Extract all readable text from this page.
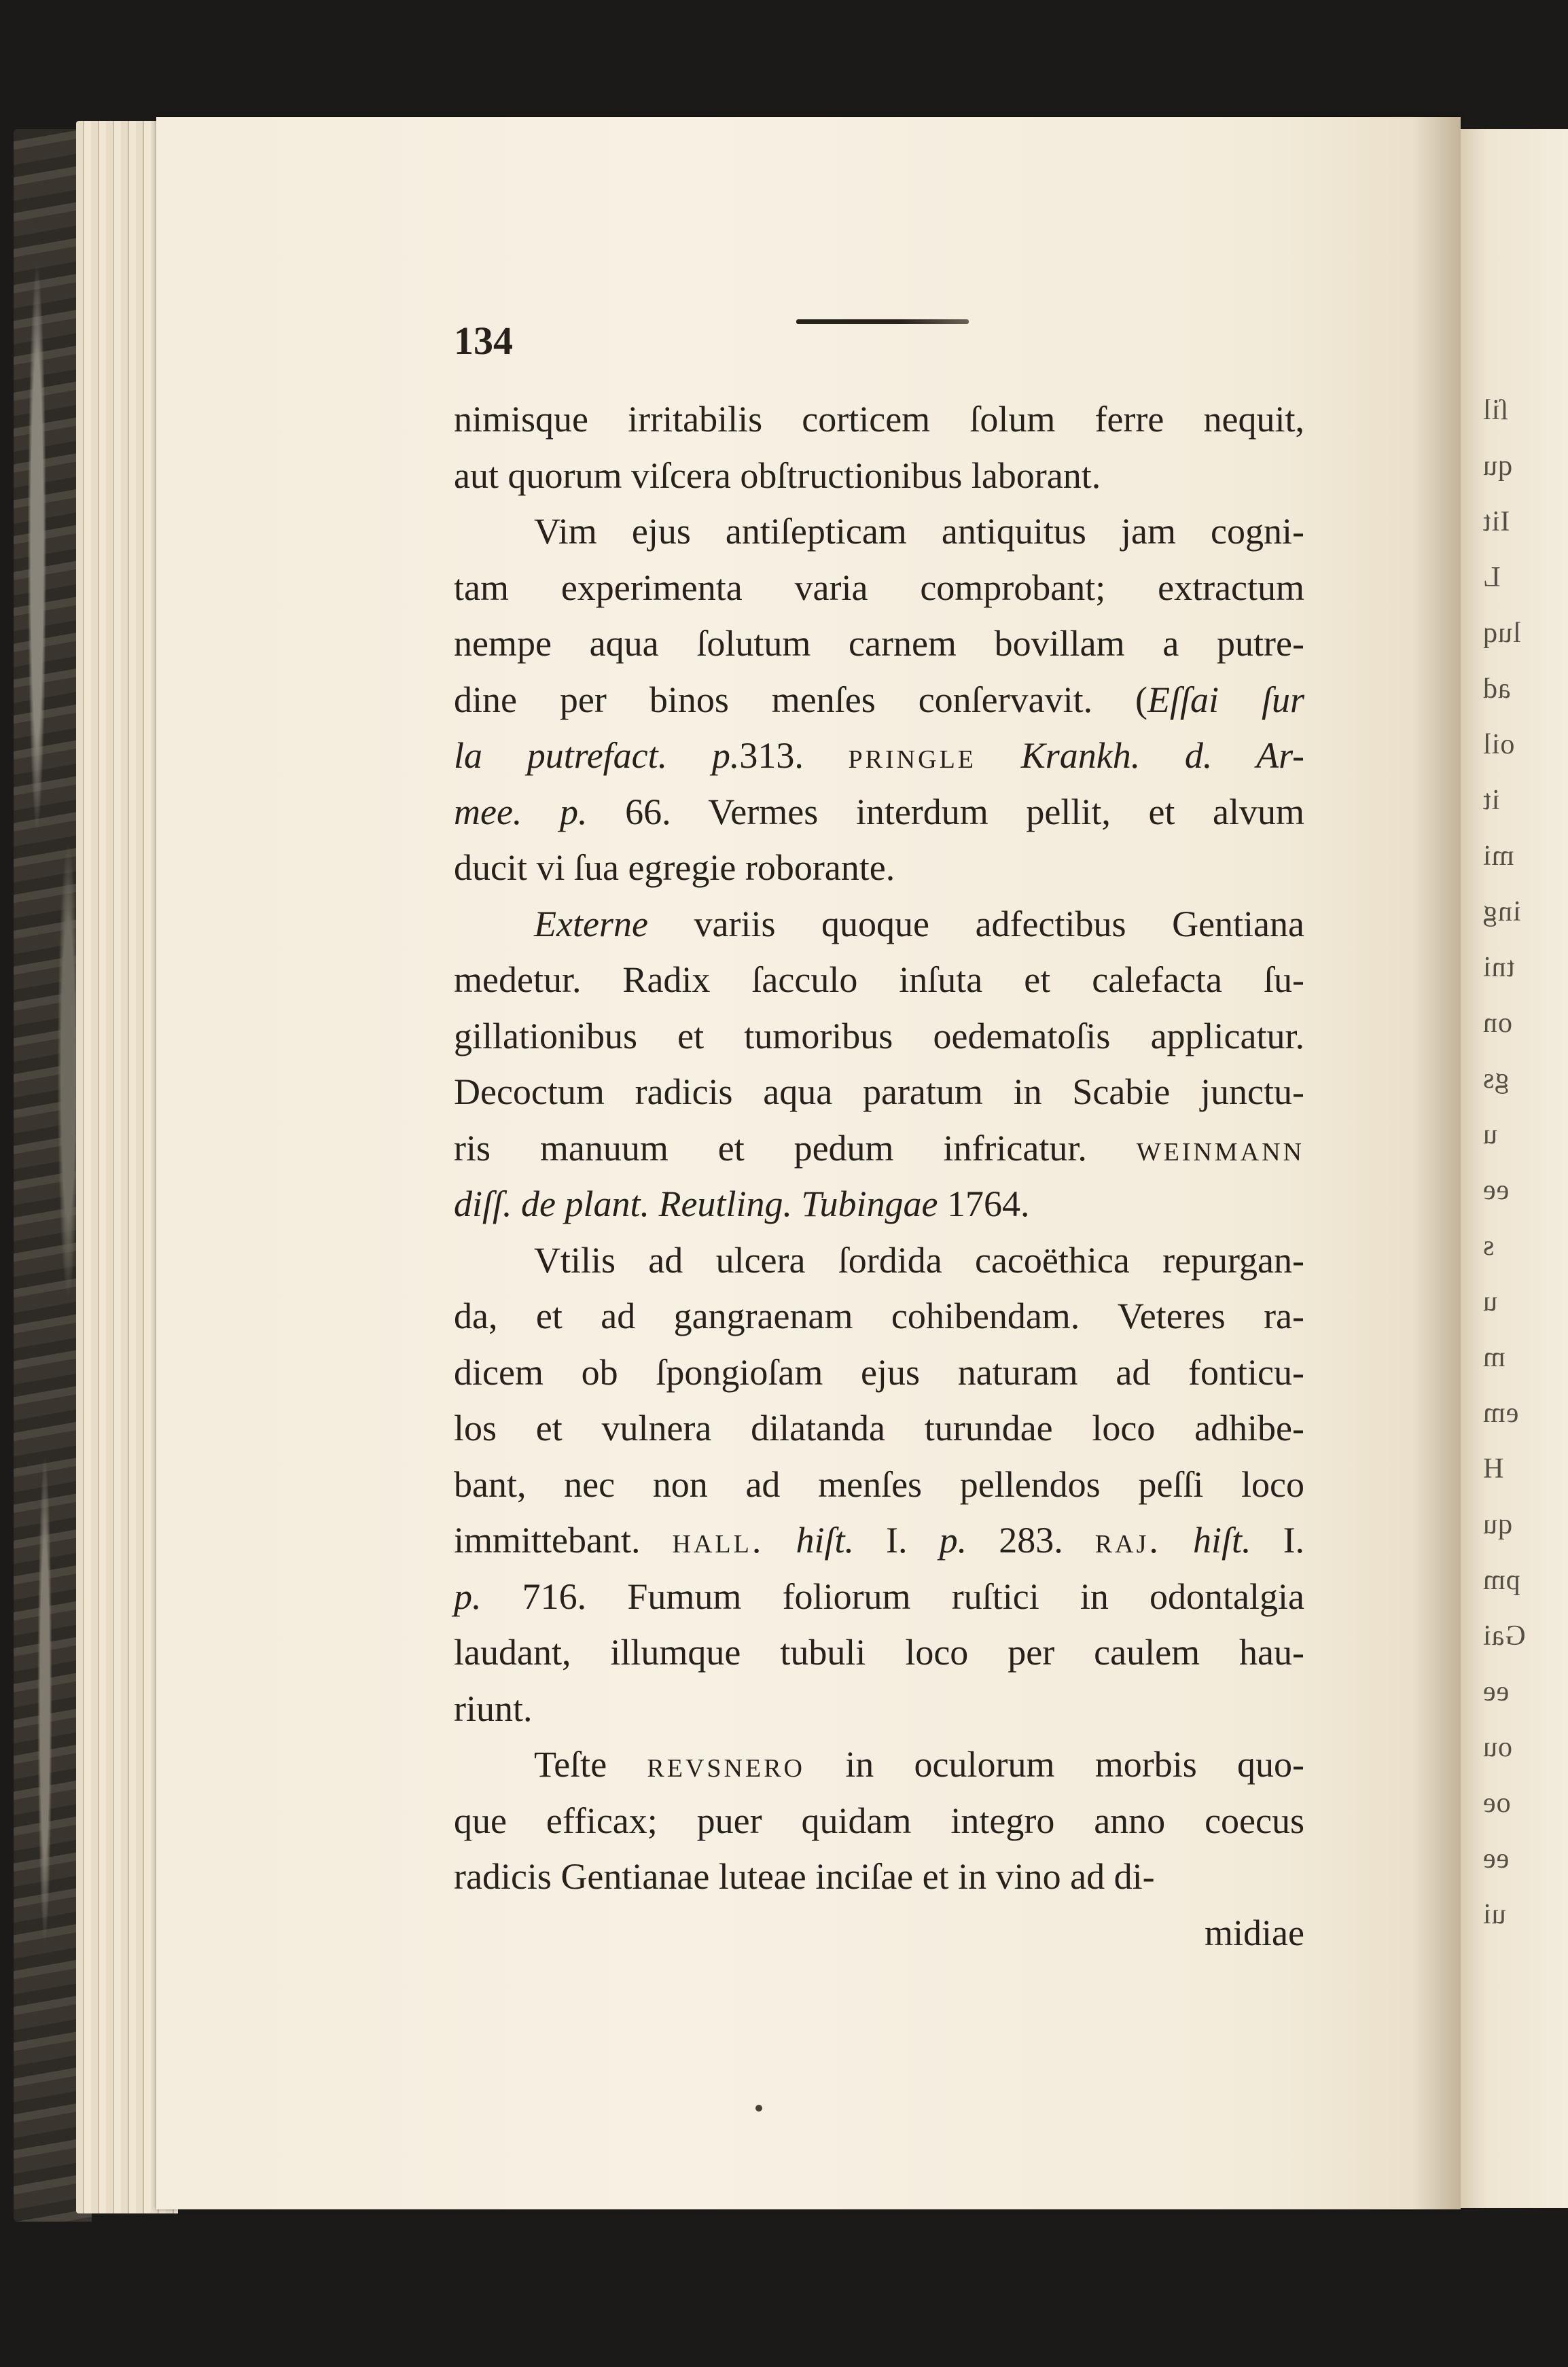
ſil
qu
Iit
L
luq
ad
oil
it
mi
ing
tni
on
gs
u
ee
s
u
m
em
H
qu
pm
Gai
ee
ou
oe
ee
ui
134
midiae
nimisque irritabilis corticem ſolum ferre nequit,
aut quorum viſcera obſtructionibus laborant.
Vim ejus antiſepticam antiquitus jam cogni-
tam experimenta varia comprobant; extractum
nempe aqua ſolutum carnem bovillam a putre-
dine per binos menſes conſervavit. (Eſſai ſur
la putrefact. p.313. pringle Krankh. d. Ar-
mee. p. 66. Vermes interdum pellit, et alvum
ducit vi ſua egregie roborante.
Externe variis quoque adfectibus Gentiana
medetur. Radix ſacculo inſuta et calefacta ſu-
gillationibus et tumoribus oedematoſis applicatur.
Decoctum radicis aqua paratum in Scabie junctu-
ris manuum et pedum infricatur. weinmann
diſſ. de plant. Reutling. Tubingae 1764.
Vtilis ad ulcera ſordida cacoëthica repurgan-
da, et ad gangraenam cohibendam. Veteres ra-
dicem ob ſpongioſam ejus naturam ad fonticu-
los et vulnera dilatanda turundae loco adhibe-
bant, nec non ad menſes pellendos peſſi loco
immittebant. hall. hiſt. I. p. 283. raj. hiſt. I.
p. 716. Fumum foliorum ruſtici in odontalgia
laudant, illumque tubuli loco per caulem hau-
riunt.
Teſte revsnero in oculorum morbis quo-
que efficax; puer quidam integro anno coecus
radicis Gentianae luteae inciſae et in vino ad di-
